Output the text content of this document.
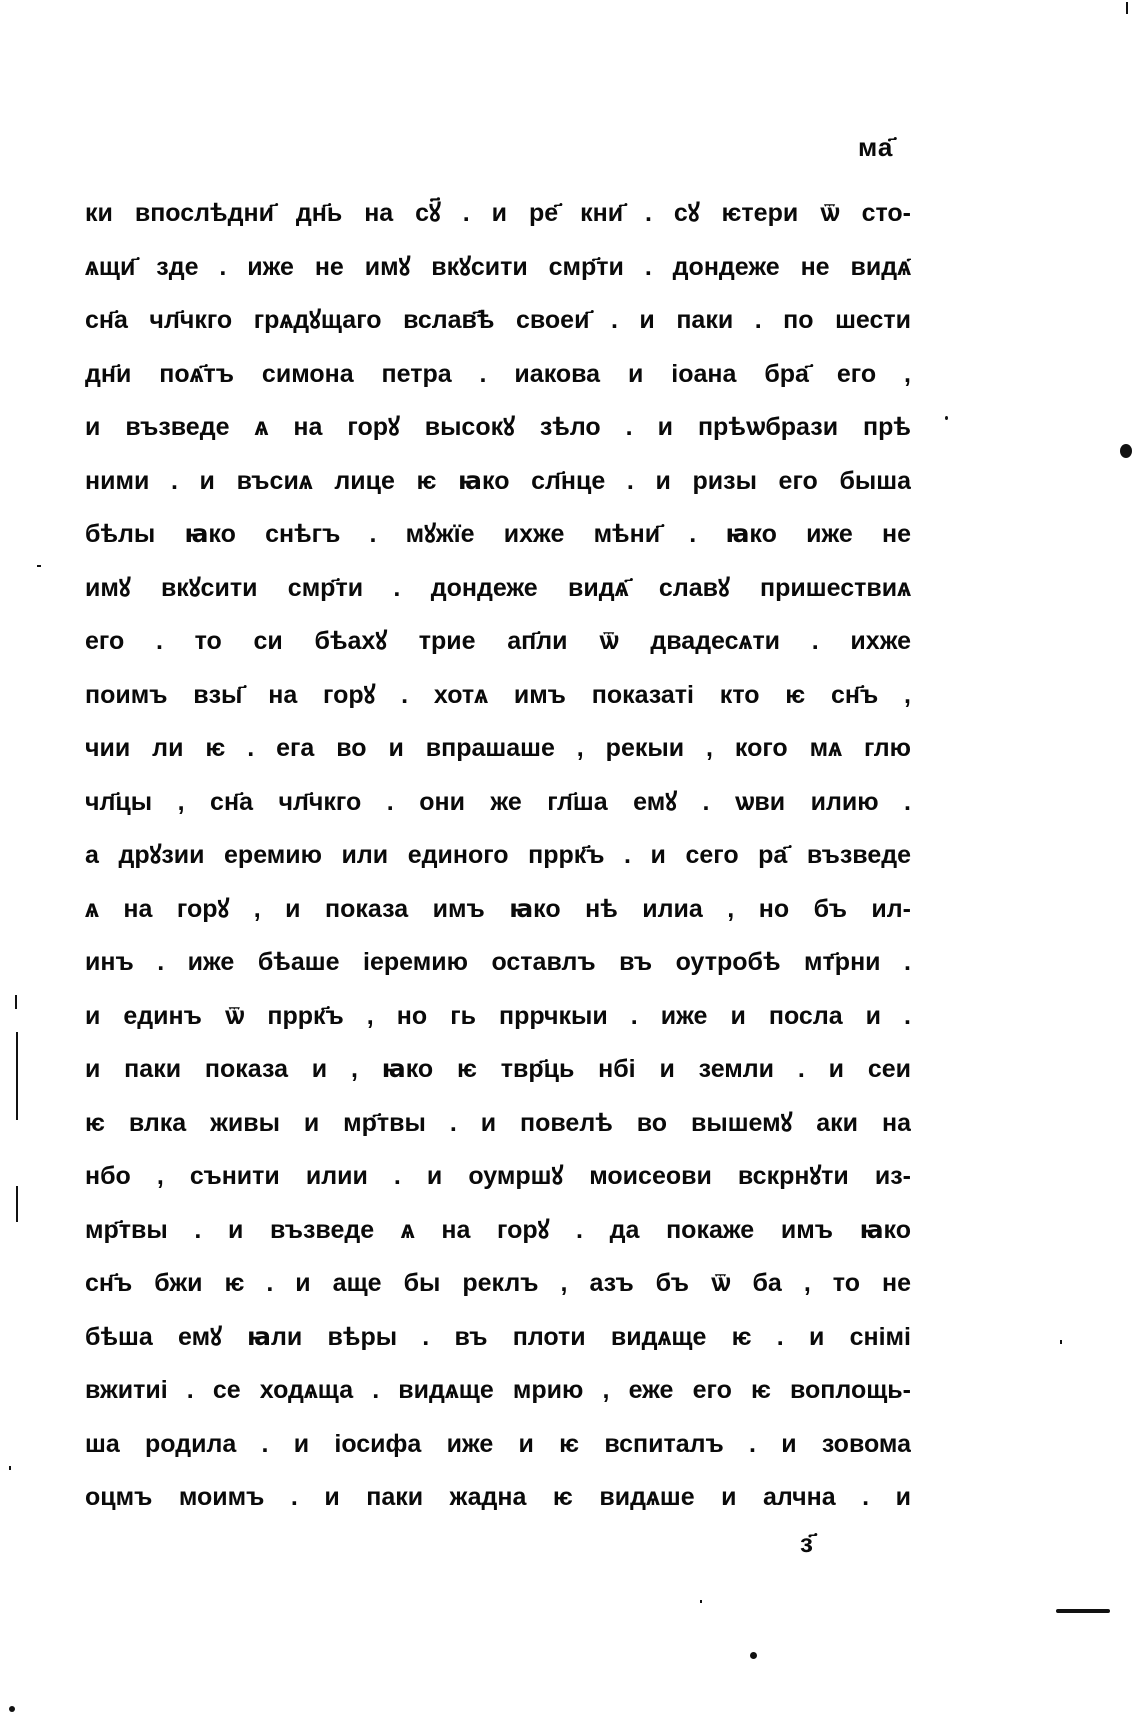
ма҃
ки впослѣдни҃ дн҃ь на сꙋ҃ . и ре҃ кни҃ . сꙋ ѥтери ѿ сто-
ѧщи҃ зде . иже не имꙋ вкꙋсити смр҃ти . дондеже не видѧ҃
сн҃а чл҃чкго грѧдꙋщаго вслав҃ѣ своеи҃ . и паки . по шести
дн҃и поѧ҃тъ симона петра . иакова и іоана бра҃ его ,
и възведе ѧ на горꙋ высокꙋ зѣло . и прѣѡбрази прѣ
ними . и въсиѧ лице ѥ ꙗко сл҃нце . и ризы его быша
бѣлы ꙗко снѣгъ . мꙋжїе ихже мѣни҃ . ꙗко иже не
имꙋ вкꙋсити смр҃ти . дондеже видѧ҃ славꙋ пришествиѧ
его . то си бѣахꙋ трие ап҃ли ѿ двадесѧти . ихже
поимъ взы҃ на горꙋ . хотѧ имъ показаті кто ѥ сн҃ъ ,
чии ли ѥ . ега во и впрашаше , рекыи , кого мѧ глю
чл҃цы , сн҃а чл҃чкго . они же гл҃ша емꙋ . ѡви илию .
а дрꙋзии еремию или единого пррк҃ъ . и сего ра҃ възведе
ѧ на горꙋ , и показа имъ ꙗко нѣ илиа , но бъ ил-
инъ . иже бѣаше іеремию оставлъ въ оутробѣ мт҃рни .
и единъ ѿ пррк҃ъ , но гь пррчкыи . иже и посла и .
и паки показа и , ꙗко ѥ твр҃ць нбі и земли . и сеи
ѥ влка живы и мр҃твы . и повелѣ во вышемꙋ аки на
нбо , сънити илии . и оумршꙋ моисеови вскрнꙋти из-
мр҃твы . и възведе ѧ на горꙋ . да покаже имъ ꙗко
сн҃ъ бжи ѥ . и аще бы реклъ , азъ бъ ѿ ба , то не
бѣша емꙋ ꙗли вѣры . въ плоти видѧще ѥ . и снімі
вжитиі . се ходѧща . видѧще мрию , еже его ѥ воплощь-
ша родила . и іосифа иже и ѥ вспиталъ . и зовома
оцмъ моимъ . и паки жадна ѥ видѧше и алчна . и
з҃
